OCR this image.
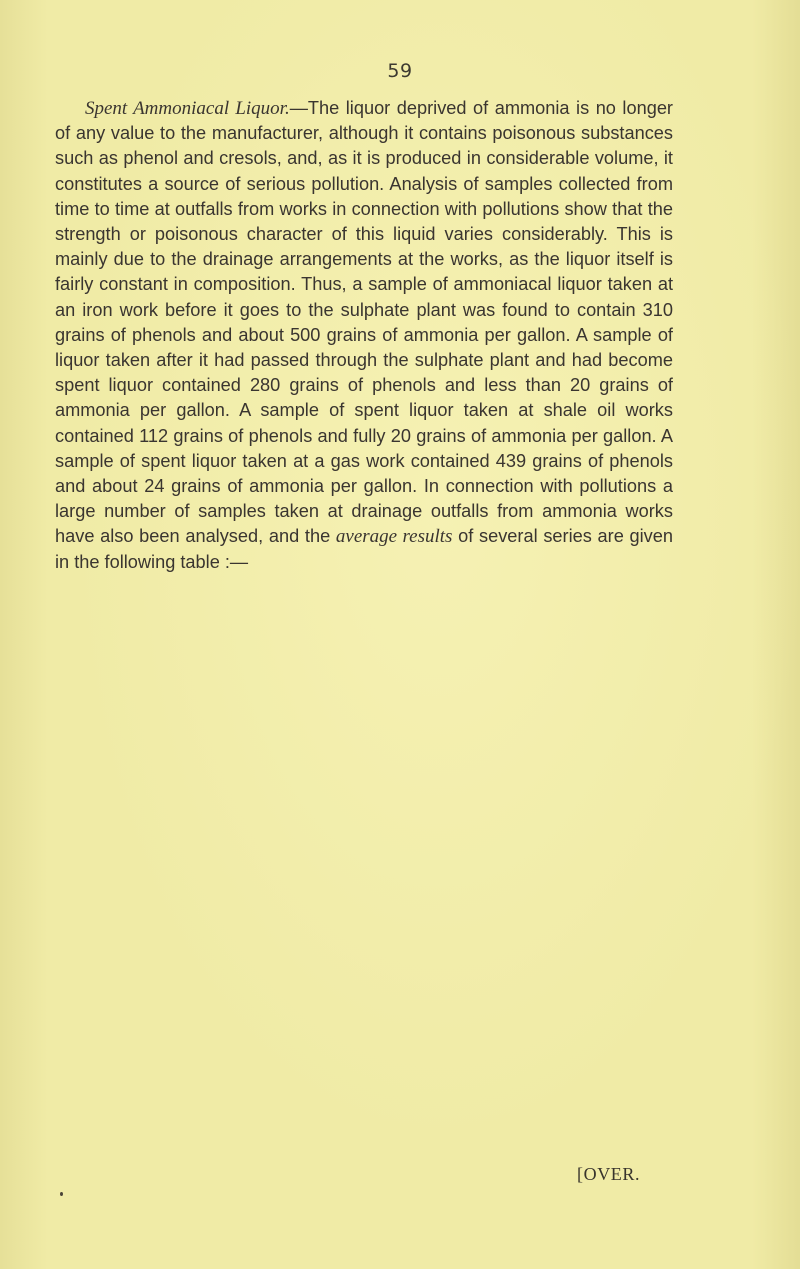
59

Spent Ammoniacal Liquor.—The liquor deprived of ammonia is no longer of any value to the manufacturer, although it contains poisonous substances such as phenol and cresols, and, as it is produced in considerable volume, it constitutes a source of serious pollution. Analysis of samples collected from time to time at outfalls from works in connection with pollutions show that the strength or poisonous character of this liquid varies considerably. This is mainly due to the drainage arrangements at the works, as the liquor itself is fairly constant in composition. Thus, a sample of ammoniacal liquor taken at an iron work before it goes to the sulphate plant was found to contain 310 grains of phenols and about 500 grains of ammonia per gallon. A sample of liquor taken after it had passed through the sulphate plant and had become spent liquor contained 280 grains of phenols and less than 20 grains of ammonia per gallon. A sample of spent liquor taken at shale oil works contained 112 grains of phenols and fully 20 grains of ammonia per gallon. A sample of spent liquor taken at a gas work contained 439 grains of phenols and about 24 grains of ammonia per gallon. In connection with pollutions a large number of samples taken at drainage outfalls from ammonia works have also been analysed, and the average results of several series are given in the following table :—

[OVER.
